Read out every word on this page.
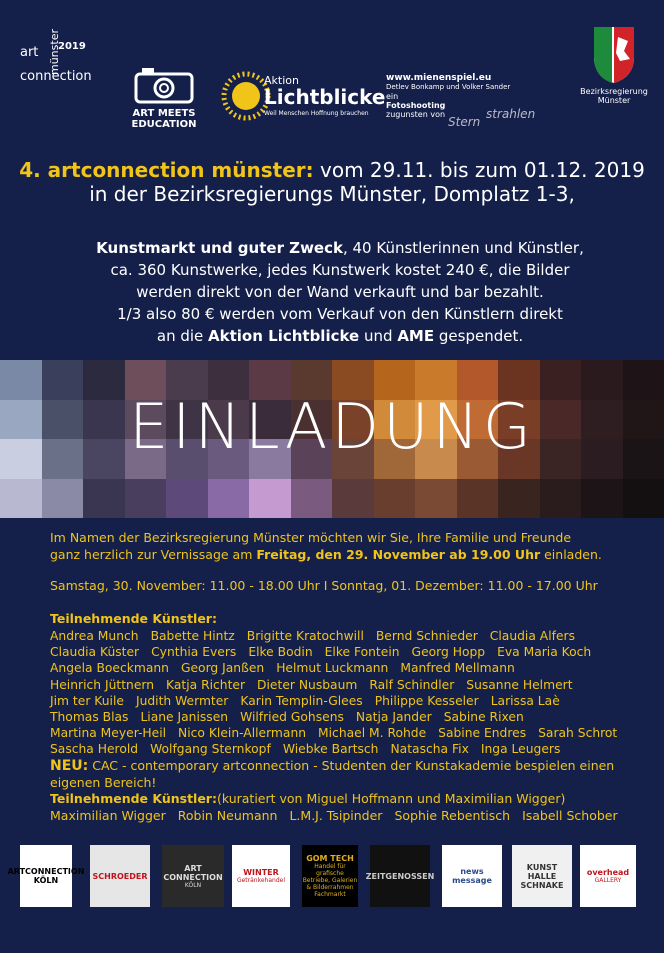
art 2019
connection
münster
ART MEETS
EDUCATION
Aktion
Lichtblicke
Weil Menschen Hoffnung brauchen
www.mienenspiel.eu
Detlev Bonkamp und Volker Sander
ein
Fotoshooting
zugunsten von	strahlen
Stern
Bezirksregierung
Münster
4. artconnection münster: vom 29.11. bis zum 01.12. 2019
in der Bezirksregierungs Münster, Domplatz 1-3,
Kunstmarkt und guter Zweck, 40 Künstlerinnen und Künstler,
ca. 360 Kunstwerke, jedes Kunstwerk kostet 240 €, die Bilder
werden direkt von der Wand verkauft und bar bezahlt.
1/3 also 80 € werden vom Verkauf von den Künstlern direkt
an die Aktion Lichtblicke und AME gespendet.
EINLADUNG
Im Namen der Bezirksregierung Münster möchten wir Sie, Ihre Familie und Freunde
ganz herzlich zur Vernissage am Freitag, den 29. November ab 19.00 Uhr einladen.
Samstag, 30. November: 11.00 - 18.00 Uhr I Sonntag, 01. Dezember: 11.00 - 17.00 Uhr
Teilnehmende Künstler:
Andrea Munch Babette Hintz Brigitte Kratochwill Bernd Schnieder Claudia Alfers
Claudia Küster Cynthia Evers Elke Bodin Elke Fontein Georg Hopp Eva Maria Koch
Angela Boeckmann Georg Janßen Helmut Luckmann Manfred Mellmann
Heinrich Jüttnern Katja Richter Dieter Nusbaum Ralf Schindler Susanne Helmert
Jim ter Kuile Judith Wermter Karin Templin-Glees Philippe Kesseler Larissa Laè
Thomas Blas Liane Janissen Wilfried Gohsens Natja Jander Sabine Rixen
Martina Meyer-Heil Nico Klein-Allermann Michael M. Rohde Sabine Endres Sarah Schrot
Sascha Herold Wolfgang Sternkopf Wiebke Bartsch Natascha Fix Inga Leugers
NEU: CAC - contemporary artconnection - Studenten der Kunstakademie bespielen einen eigenen Bereich!
Teilnehmende Künstler:(kuratiert von Miguel Hoffmann und Maximilian Wigger)
Maximilian Wigger Robin Neumann L.M.J. Tsipinder Sophie Rebentisch Isabell Schober
ARTCONNECTION KÖLN	SCHROEDER
ART CONNECTION
KÖLN
WINTER
Getränkehandel
GOM TECH
Handel für grafische Betriebe, Galerien & Bilderrahmen Fachmarkt
ZEITGENOSSEN	news message
KUNST HALLE SCHNAKE
overhead
GALLERY
